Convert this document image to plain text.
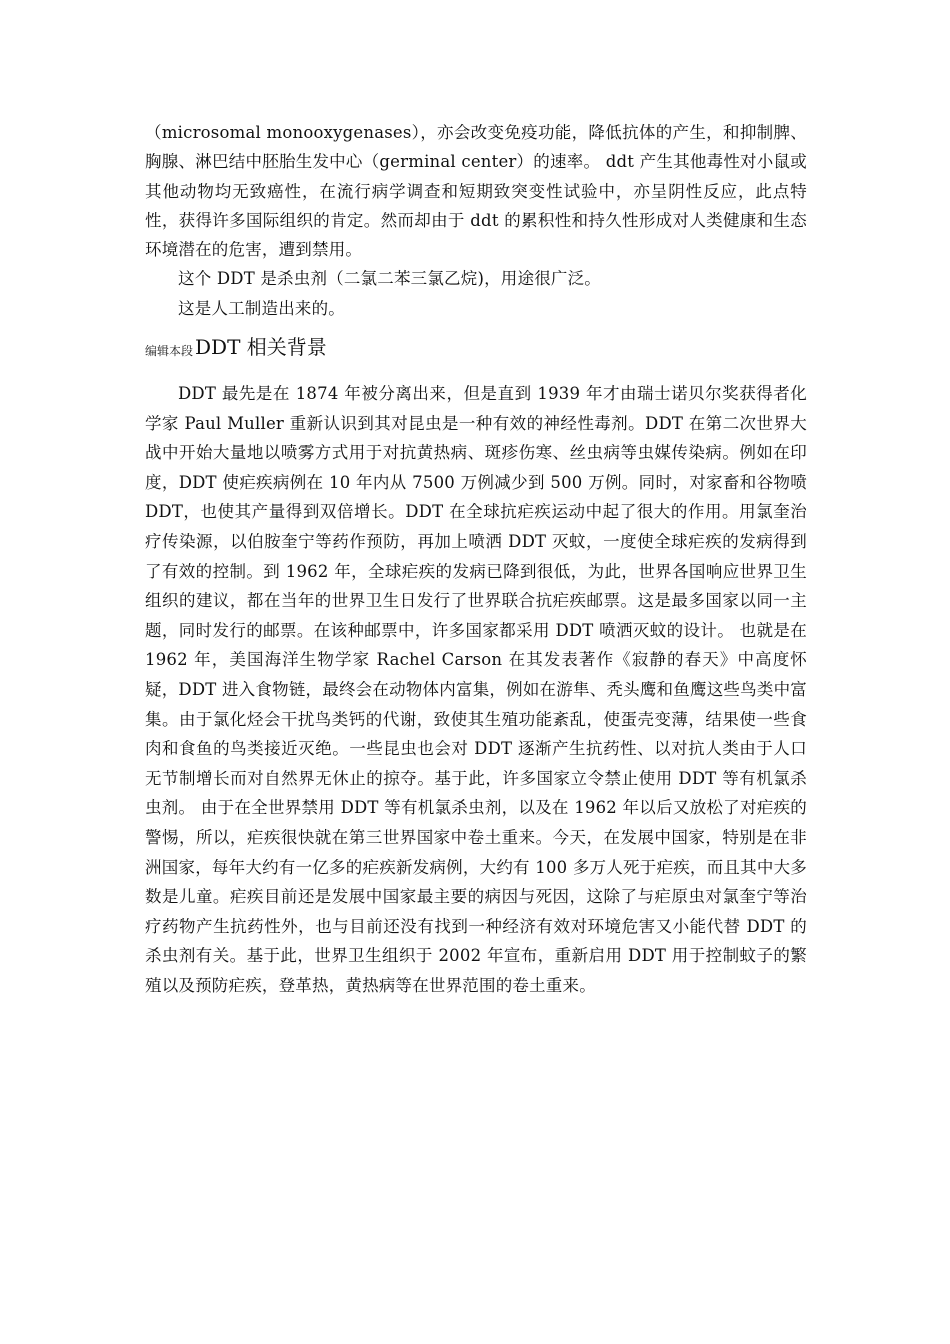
（microsomal monooxygenases），亦会改变免疫功能，降低抗体的产生，和抑制脾、胸腺、淋巴结中胚胎生发中心（germinal center）的速率。 ddt 产生其他毒性对小鼠或其他动物均无致癌性，在流行病学调查和短期致突变性试验中，亦呈阴性反应，此点特性，获得许多国际组织的肯定。然而却由于 ddt 的累积性和持久性形成对人类健康和生态环境潜在的危害，遭到禁用。

这个 DDT 是杀虫剂（二氯二苯三氯乙烷)，用途很广泛。

这是人工制造出来的。

编辑本段 DDT 相关背景

DDT 最先是在 1874 年被分离出来，但是直到 1939 年才由瑞士诺贝尔奖获得者化学家 Paul Muller 重新认识到其对昆虫是一种有效的神经性毒剂。DDT 在第二次世界大战中开始大量地以喷雾方式用于对抗黄热病、斑疹伤寒、丝虫病等虫媒传染病。例如在印度，DDT 使疟疾病例在 10 年内从 7500 万例减少到 500 万例。同时，对家畜和谷物喷 DDT，也使其产量得到双倍增长。DDT 在全球抗疟疾运动中起了很大的作用。用氯奎治疗传染源，以伯胺奎宁等药作预防，再加上喷洒 DDT 灭蚊，一度使全球疟疾的发病得到了有效的控制。到 1962 年，全球疟疾的发病已降到很低，为此，世界各国响应世界卫生组织的建议，都在当年的世界卫生日发行了世界联合抗疟疾邮票。这是最多国家以同一主题，同时发行的邮票。在该种邮票中，许多国家都采用 DDT 喷洒灭蚊的设计。 也就是在 1962 年，美国海洋生物学家 Rachel Carson 在其发表著作《寂静的春天》中高度怀疑，DDT 进入食物链，最终会在动物体内富集，例如在游隼、秃头鹰和鱼鹰这些鸟类中富集。由于氯化烃会干扰鸟类钙的代谢，致使其生殖功能紊乱，使蛋壳变薄，结果使一些食肉和食鱼的鸟类接近灭绝。一些昆虫也会对 DDT 逐渐产生抗药性、以对抗人类由于人口无节制增长而对自然界无休止的掠夺。基于此，许多国家立令禁止使用 DDT 等有机氯杀虫剂。 由于在全世界禁用 DDT 等有机氯杀虫剂，以及在 1962 年以后又放松了对疟疾的警惕，所以，疟疾很快就在第三世界国家中卷土重来。今天，在发展中国家，特别是在非洲国家，每年大约有一亿多的疟疾新发病例，大约有 100 多万人死于疟疾，而且其中大多数是儿童。疟疾目前还是发展中国家最主要的病因与死因，这除了与疟原虫对氯奎宁等治疗药物产生抗药性外，也与目前还没有找到一种经济有效对环境危害又小能代替 DDT 的杀虫剂有关。基于此，世界卫生组织于 2002 年宣布，重新启用 DDT 用于控制蚊子的繁殖以及预防疟疾，登革热，黄热病等在世界范围的卷土重来。
